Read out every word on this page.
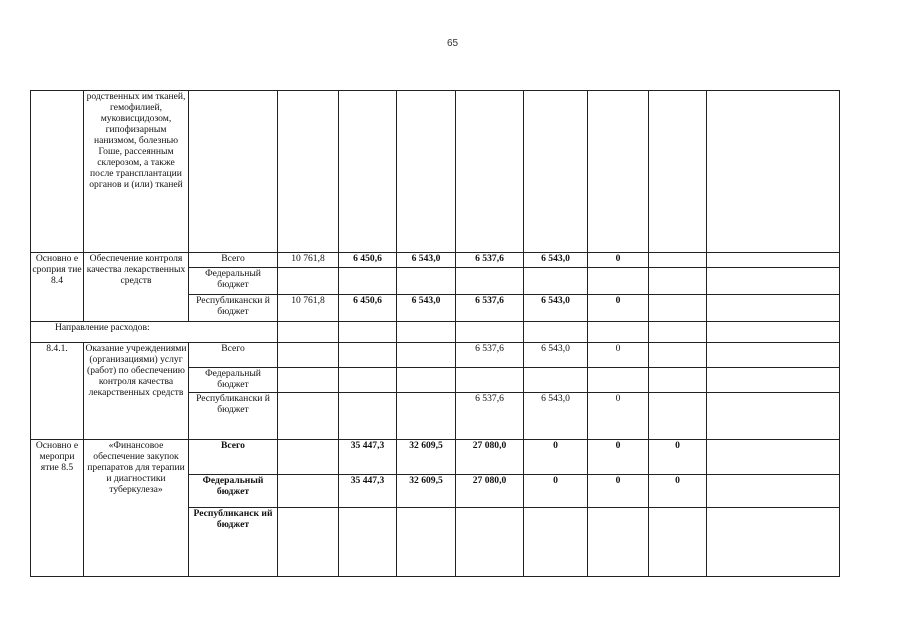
65
	родственных им тканей, гемофилией, муковисцидозом, гипофизарным нанизмом, болезнью Гоше, рассеянным склерозом, а также после трансплантации органов и (или) тканей									
Основно е сроприя тие 8.4	Обеспечение контроля качества лекарственных средств	Всего	10 761,8	6 450,6	6 543,0	6 537,6	6 543,0	0		
		Федеральный бюджет								
		Республикански й бюджет	10 761,8	6 450,6	6 543,0	6 537,6	6 543,0	0		
Направление расходов:										
8.4.1.	Оказание учреждениями (организациями) услуг (работ) по обеспечению контроля качества лекарственных средств	Всего				6 537,6	6 543,0	0		
		Федеральный бюджет								
		Республикански й бюджет				6 537,6	6 543,0	0		
Основно е меропри ятие 8.5	«Финансовое обеспечение закупок препаратов для терапии и диагностики туберкулеза»	Всего		35 447,3	32 609,5	27 080,0	0	0	0	
		Федеральный бюджет		35 447,3	32 609,5	27 080,0	0	0	0	
		Республиканск ий бюджет								
